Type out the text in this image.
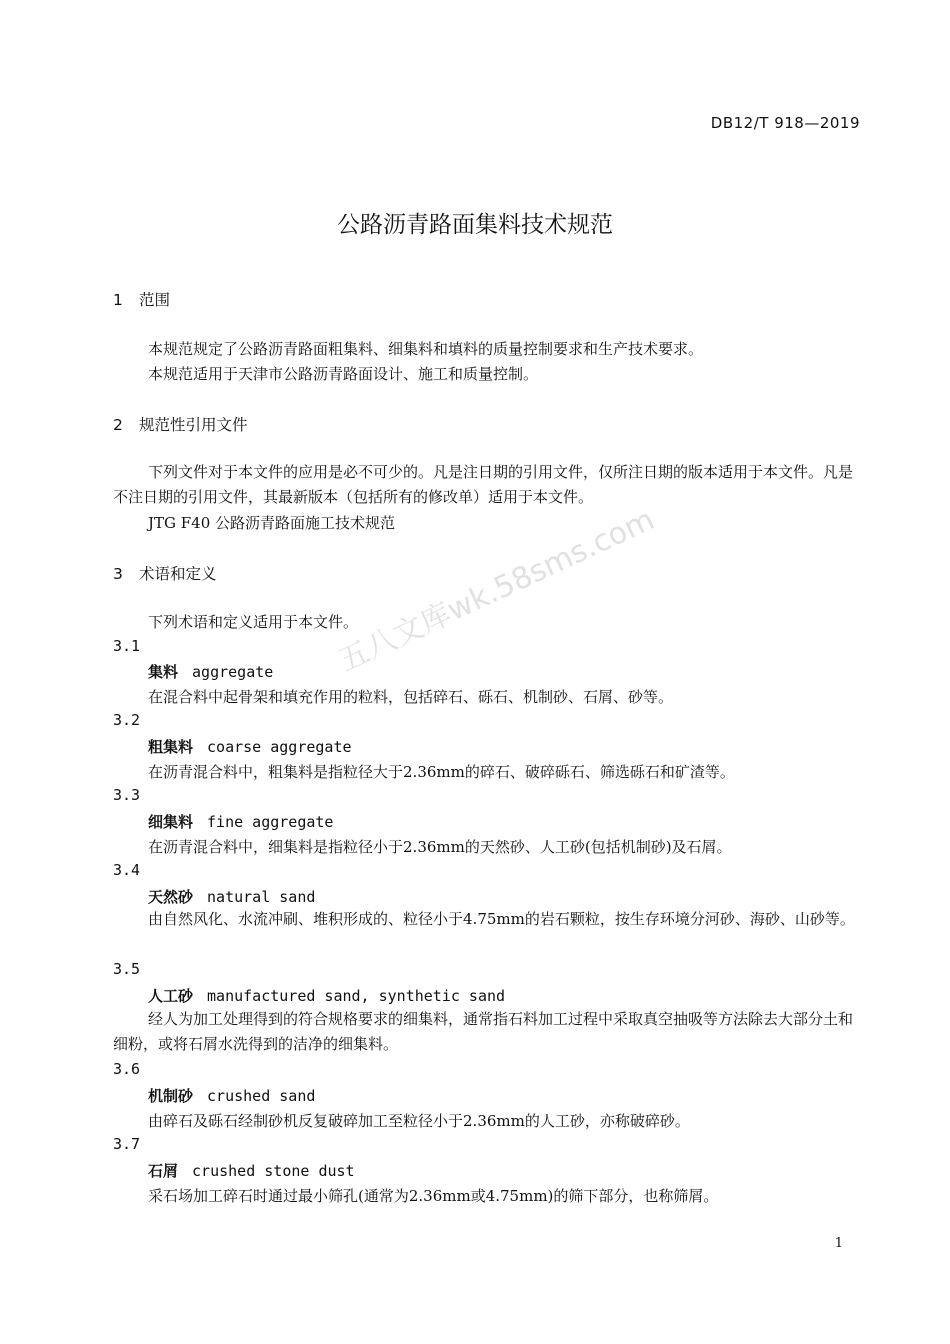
DB12/T 918—2019
公路沥青路面集料技术规范
1 范围
本规范规定了公路沥青路面粗集料、细集料和填料的质量控制要求和生产技术要求。
本规范适用于天津市公路沥青路面设计、施工和质量控制。
2 规范性引用文件
下列文件对于本文件的应用是必不可少的。凡是注日期的引用文件，仅所注日期的版本适用于本文件。凡是不注日期的引用文件，其最新版本（包括所有的修改单）适用于本文件。
JTG F40 公路沥青路面施工技术规范
3 术语和定义
下列术语和定义适用于本文件。
3.1
集料 aggregate
在混合料中起骨架和填充作用的粒料，包括碎石、砾石、机制砂、石屑、砂等。
3.2
粗集料 coarse aggregate
在沥青混合料中，粗集料是指粒径大于2.36mm的碎石、破碎砾石、筛选砾石和矿渣等。
3.3
细集料 fine aggregate
在沥青混合料中，细集料是指粒径小于2.36mm的天然砂、人工砂(包括机制砂)及石屑。
3.4
天然砂 natural sand
由自然风化、水流冲刷、堆积形成的、粒径小于4.75mm的岩石颗粒，按生存环境分河砂、海砂、山砂等。
3.5
人工砂 manufactured sand, synthetic sand
经人为加工处理得到的符合规格要求的细集料，通常指石料加工过程中采取真空抽吸等方法除去大部分土和细粉，或将石屑水洗得到的洁净的细集料。
3.6
机制砂 crushed sand
由碎石及砾石经制砂机反复破碎加工至粒径小于2.36mm的人工砂，亦称破碎砂。
3.7
石屑 crushed stone dust
采石场加工碎石时通过最小筛孔(通常为2.36mm或4.75mm)的筛下部分，也称筛屑。
五八文库wk.58sms.com
1
